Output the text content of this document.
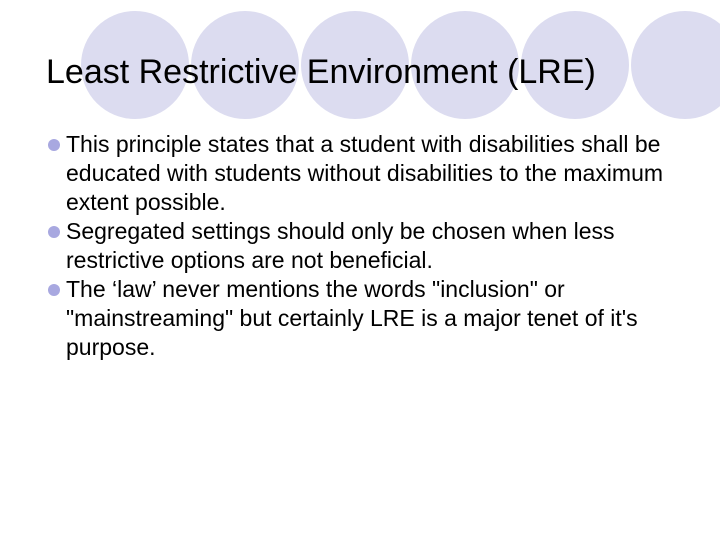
Least Restrictive Environment (LRE)
This principle states that a student with disabilities shall be educated with students without disabilities to the maximum extent possible.
Segregated settings should only be chosen when less restrictive options are not beneficial.
The ‘law’ never mentions the words "inclusion" or "mainstreaming" but certainly LRE is a major tenet of it's purpose.
